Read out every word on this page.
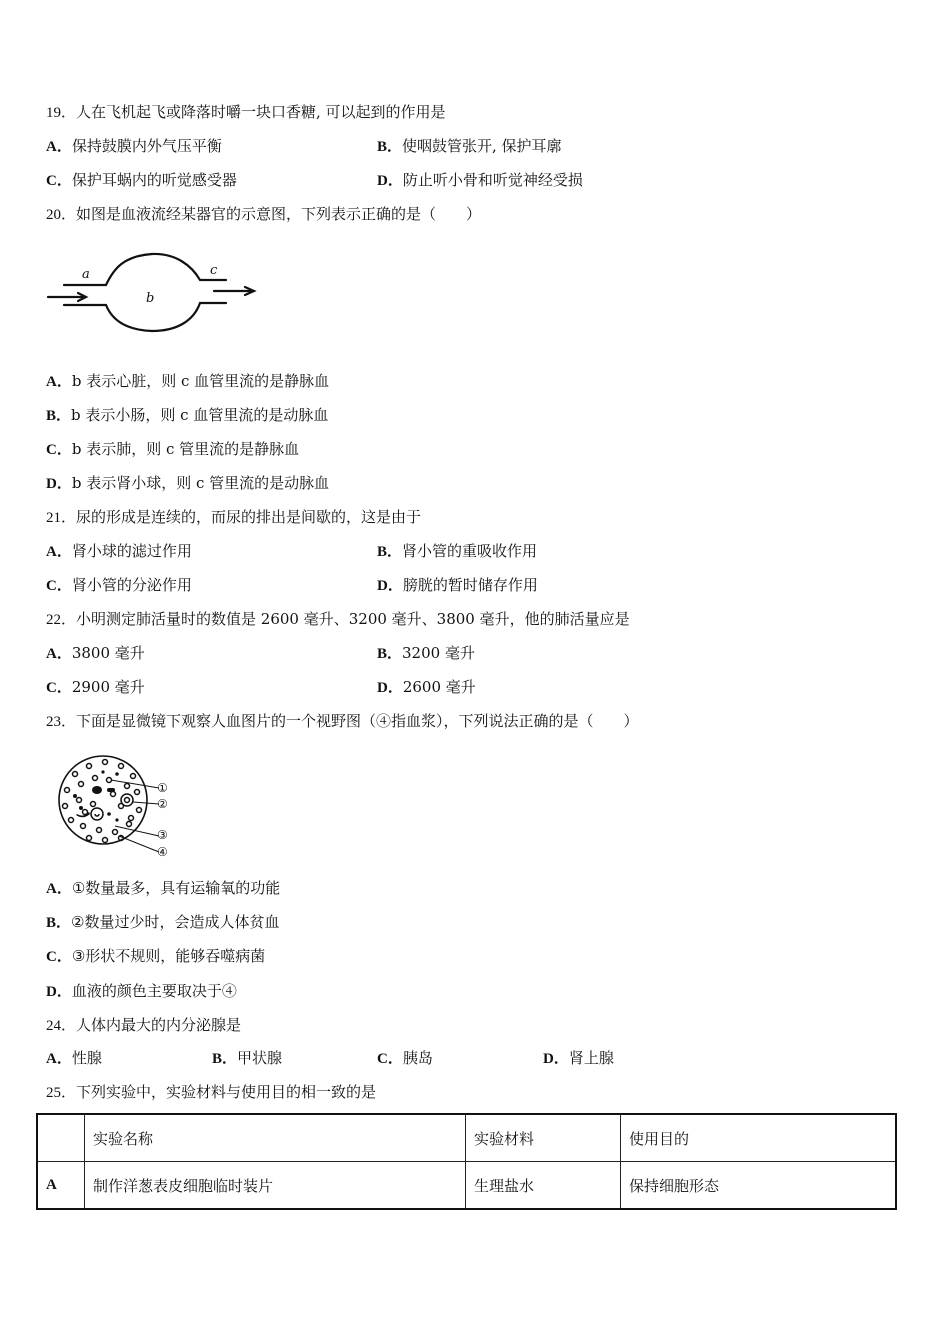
19．人在飞机起飞或降落时嚼一块口香糖, 可以起到的作用是
A．保持鼓膜内外气压平衡	B．使咽鼓管张开, 保护耳廓
C．保护耳蜗内的听觉感受器	D．防止听小骨和听觉神经受损
20．如图是血液流经某器官的示意图，下列表示正确的是（　　）
a
b
c
A．b 表示心脏，则 c 血管里流的是静脉血
B．b 表示小肠，则 c 血管里流的是动脉血
C．b 表示肺，则 c 管里流的是静脉血
D．b 表示肾小球，则 c 管里流的是动脉血
21．尿的形成是连续的，而尿的排出是间歇的，这是由于
A．肾小球的滤过作用	B．肾小管的重吸收作用
C．肾小管的分泌作用	D．膀胱的暂时储存作用
22．小明测定肺活量时的数值是 2600 毫升、3200 毫升、3800 毫升，他的肺活量应是
A．3800 毫升	B．3200 毫升
C．2900 毫升	D．2600 毫升
23．下面是显微镜下观察人血图片的一个视野图（④指血浆），下列说法正确的是（　　）
①
②
③
④
A．①数量最多，具有运输氧的功能
B．②数量过少时，会造成人体贫血
C．③形状不规则，能够吞噬病菌
D．血液的颜色主要取决于④
24．人体内最大的内分泌腺是
A．性腺	B．甲状腺	C．胰岛	D．肾上腺
25．下列实验中，实验材料与使用目的相一致的是
	实验名称	实验材料	使用目的
A	制作洋葱表皮细胞临时装片	生理盐水	保持细胞形态
